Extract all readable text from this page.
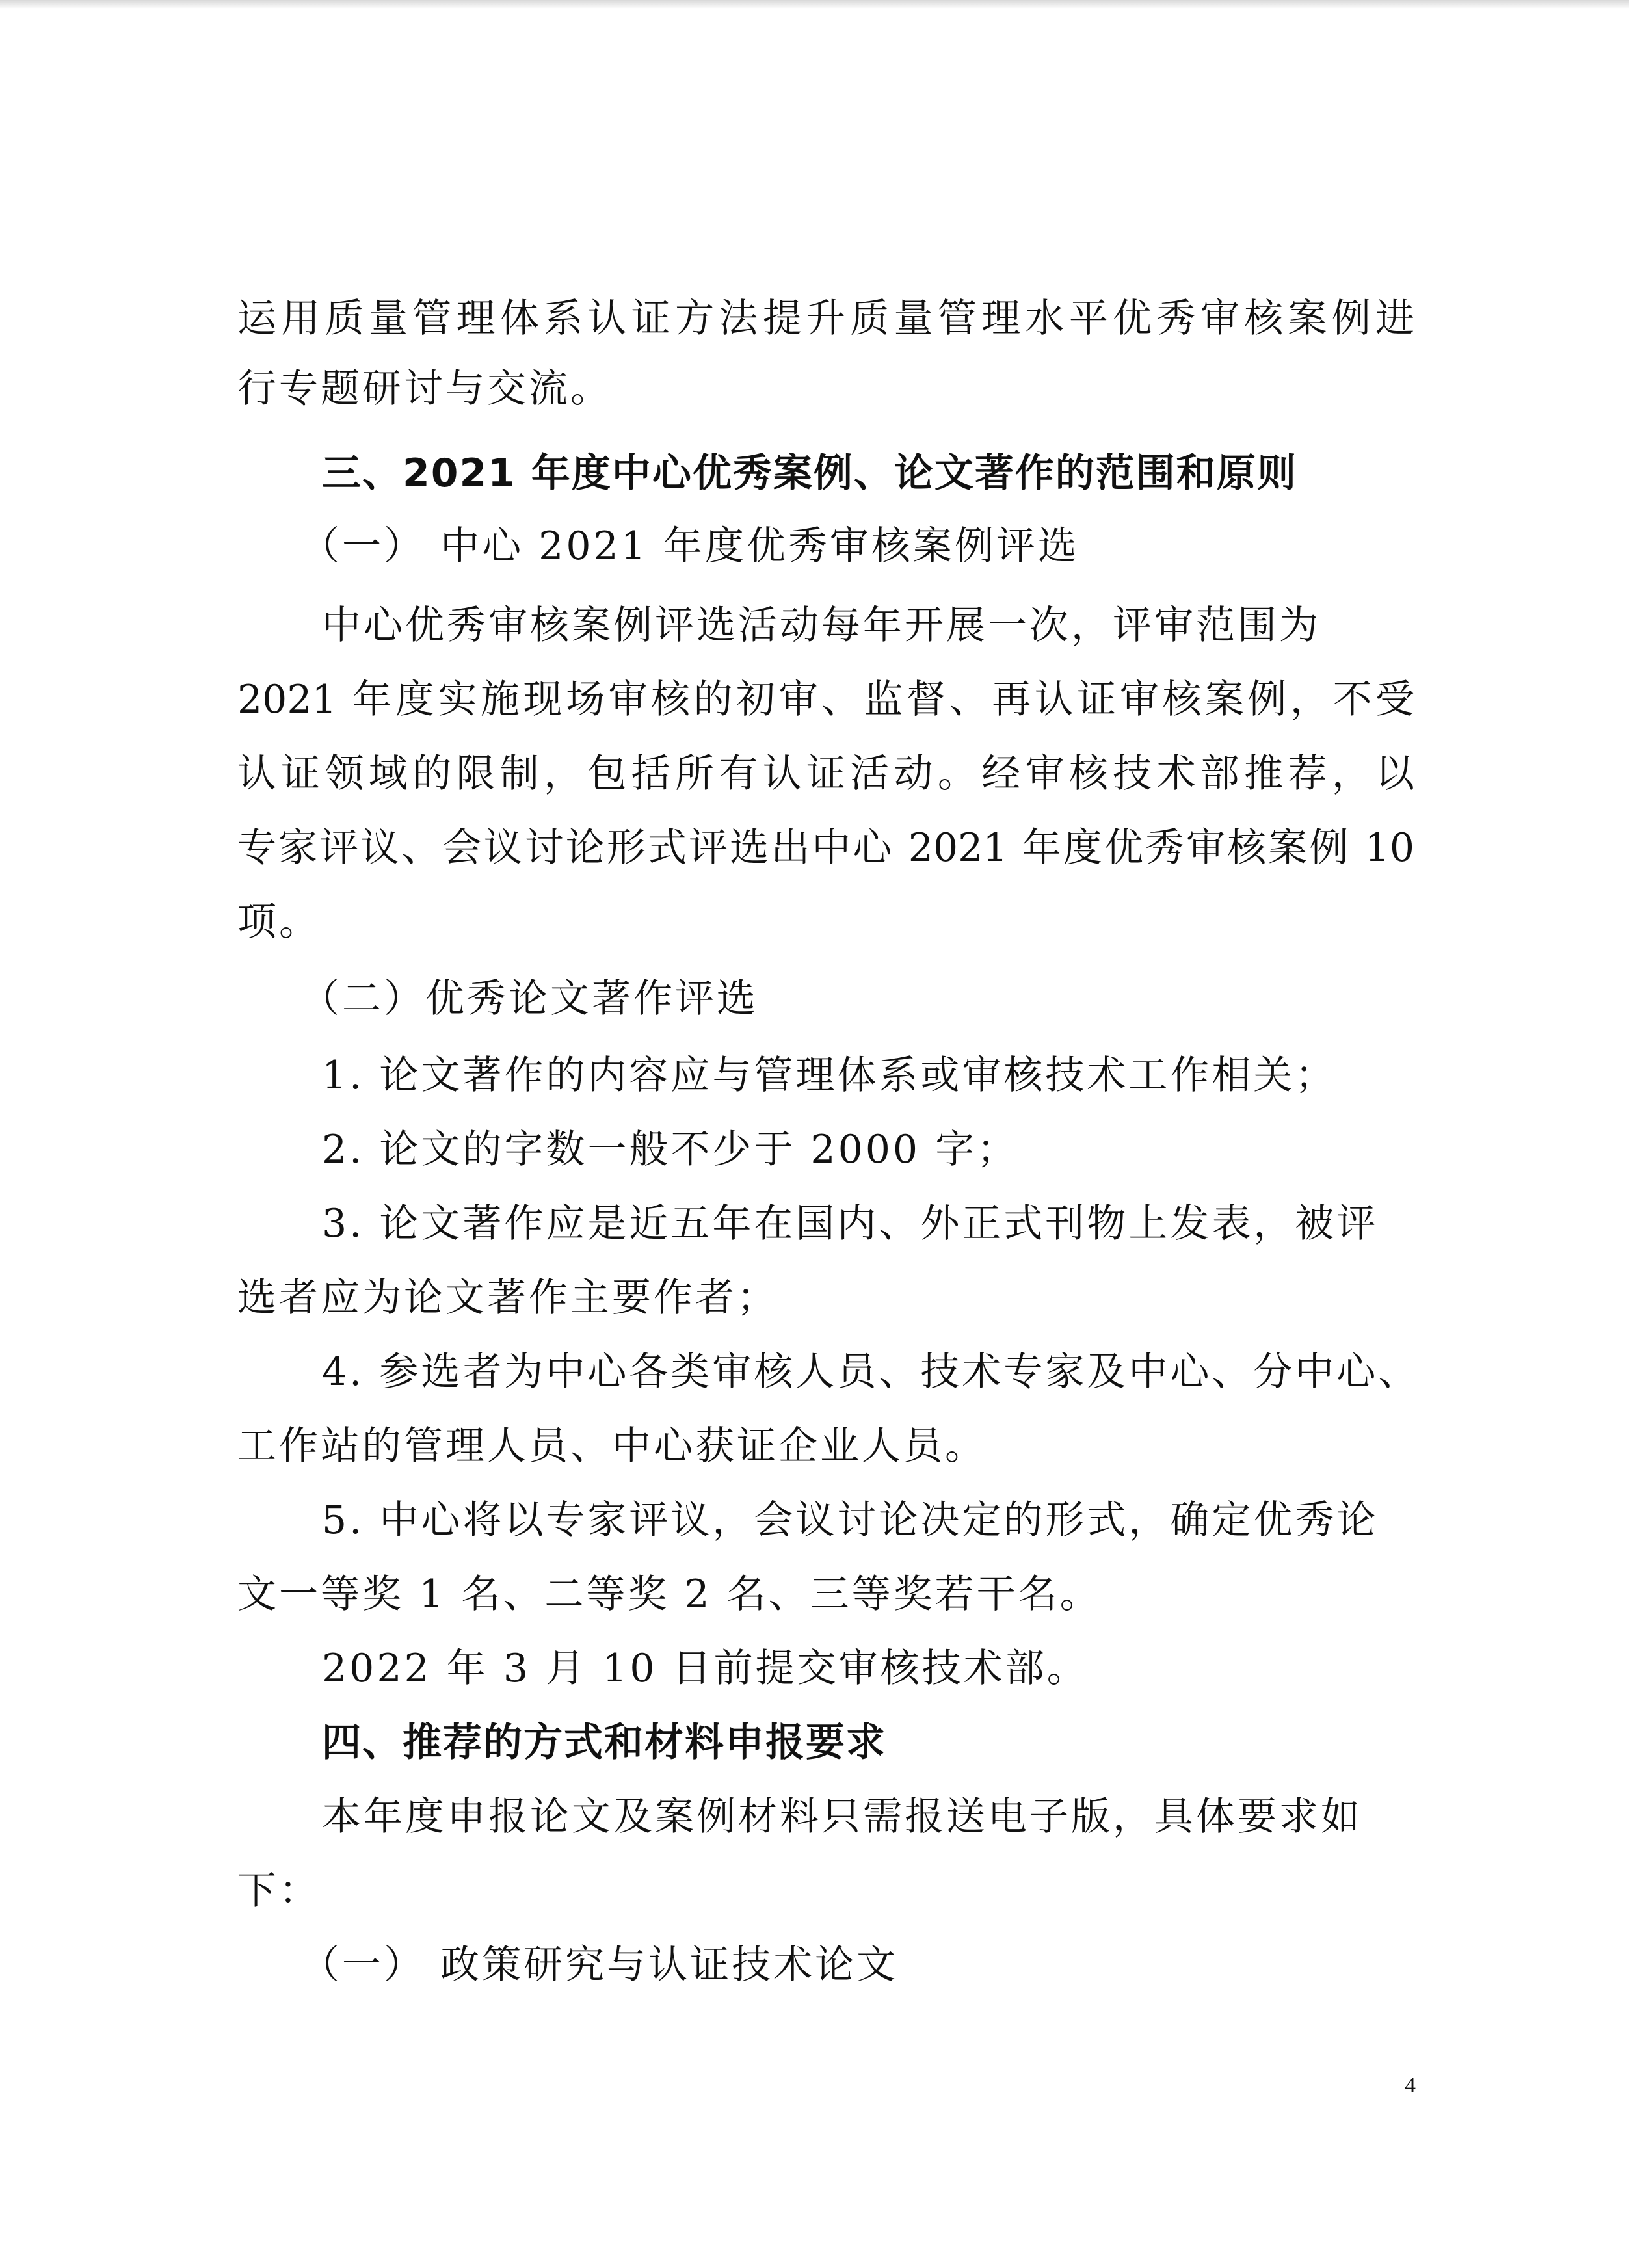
运用质量管理体系认证方法提升质量管理水平优秀审核案例进
行专题研讨与交流。
三、2021 年度中心优秀案例、论文著作的范围和原则
（一） 中心 2021 年度优秀审核案例评选
中心优秀审核案例评选活动每年开展一次，评审范围为
2021 年度实施现场审核的初审、监督、再认证审核案例，不受
认证领域的限制，包括所有认证活动。经审核技术部推荐，以
专家评议、会议讨论形式评选出中心 2021 年度优秀审核案例 10
项。
（二）优秀论文著作评选
1. 论文著作的内容应与管理体系或审核技术工作相关；
2. 论文的字数一般不少于 2000 字；
3. 论文著作应是近五年在国内、外正式刊物上发表，被评
选者应为论文著作主要作者；
4. 参选者为中心各类审核人员、技术专家及中心、分中心、
工作站的管理人员、中心获证企业人员。
5. 中心将以专家评议，会议讨论决定的形式，确定优秀论
文一等奖 1 名、二等奖 2 名、三等奖若干名。
2022 年 3 月 10 日前提交审核技术部。
四、推荐的方式和材料申报要求
本年度申报论文及案例材料只需报送电子版，具体要求如
下：
（一） 政策研究与认证技术论文
4
